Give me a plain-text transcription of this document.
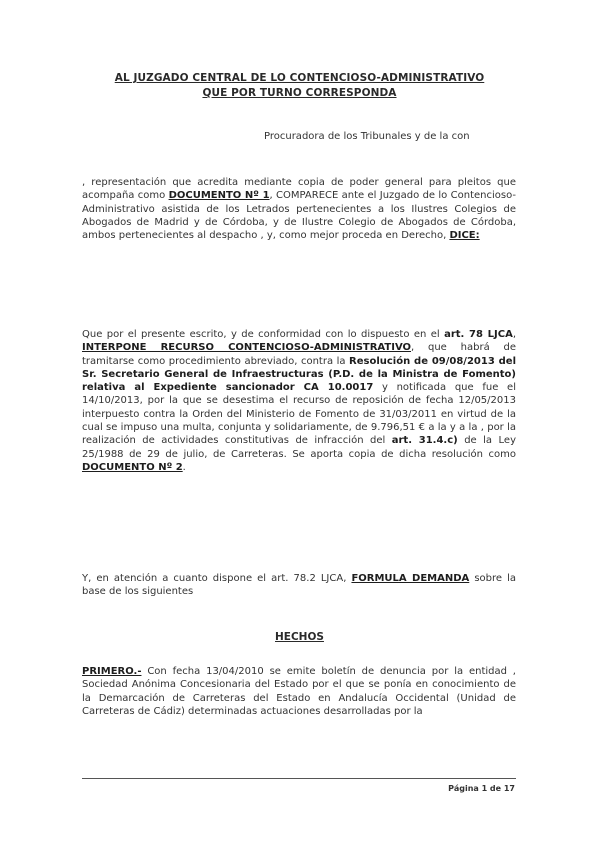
AL JUZGADO CENTRAL DE LO CONTENCIOSO-ADMINISTRATIVO
QUE POR TURNO CORRESPONDA
Procuradora de los Tribunales y de la con
, representación que acredita mediante copia de poder general para pleitos que acompaña como DOCUMENTO Nº 1, COMPARECE ante el Juzgado de lo Contencioso-Administrativo asistida de los Letrados pertenecientes a los Ilustres Colegios de Abogados de Madrid y de Córdoba, y de Ilustre Colegio de Abogados de Córdoba, ambos pertenecientes al despacho , y, como mejor proceda en Derecho, DICE:
Que por el presente escrito, y de conformidad con lo dispuesto en el art. 78 LJCA, INTERPONE RECURSO CONTENCIOSO-ADMINISTRATIVO, que habrá de tramitarse como procedimiento abreviado, contra la Resolución de 09/08/2013 del Sr. Secretario General de Infraestructuras (P.D. de la Ministra de Fomento) relativa al Expediente sancionador CA 10.0017 y notificada que fue el 14/10/2013, por la que se desestima el recurso de reposición de fecha 12/05/2013 interpuesto contra la Orden del Ministerio de Fomento de 31/03/2011 en virtud de la cual se impuso una multa, conjunta y solidariamente, de 9.796,51 € a la y a la , por la realización de actividades constitutivas de infracción del art. 31.4.c) de la Ley 25/1988 de 29 de julio, de Carreteras. Se aporta copia de dicha resolución como DOCUMENTO Nº 2.
Y, en atención a cuanto dispone el art. 78.2 LJCA, FORMULA DEMANDA sobre la base de los siguientes
HECHOS
PRIMERO.- Con fecha 13/04/2010 se emite boletín de denuncia por la entidad , Sociedad Anónima Concesionaria del Estado por el que se ponía en conocimiento de la Demarcación de Carreteras del Estado en Andalucía Occidental (Unidad de Carreteras de Cádiz) determinadas actuaciones desarrolladas por la
Página 1 de 17
